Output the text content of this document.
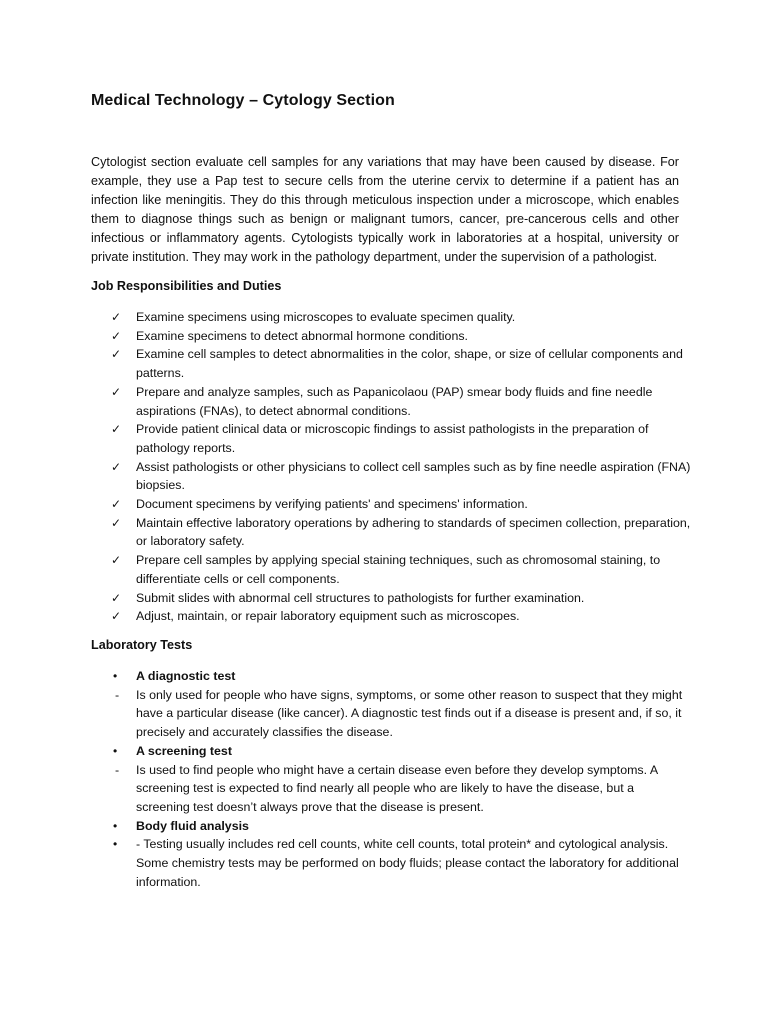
Medical Technology – Cytology Section

Cytologist section evaluate cell samples for any variations that may have been caused by disease. For example, they use a Pap test to secure cells from the uterine cervix to determine if a patient has an infection like meningitis. They do this through meticulous inspection under a microscope, which enables them to diagnose things such as benign or malignant tumors, cancer, pre-cancerous cells and other infectious or inflammatory agents. Cytologists typically work in laboratories at a hospital, university or private institution. They may work in the pathology department, under the supervision of a pathologist.

Job Responsibilities and Duties
✓ Examine specimens using microscopes to evaluate specimen quality.
✓ Examine specimens to detect abnormal hormone conditions.
✓ Examine cell samples to detect abnormalities in the color, shape, or size of cellular components and patterns.
✓ Prepare and analyze samples, such as Papanicolaou (PAP) smear body fluids and fine needle aspirations (FNAs), to detect abnormal conditions.
✓ Provide patient clinical data or microscopic findings to assist pathologists in the preparation of pathology reports.
✓ Assist pathologists or other physicians to collect cell samples such as by fine needle aspiration (FNA) biopsies.
✓ Document specimens by verifying patients' and specimens' information.
✓ Maintain effective laboratory operations by adhering to standards of specimen collection, preparation, or laboratory safety.
✓ Prepare cell samples by applying special staining techniques, such as chromosomal staining, to differentiate cells or cell components.
✓ Submit slides with abnormal cell structures to pathologists for further examination.
✓ Adjust, maintain, or repair laboratory equipment such as microscopes.
Laboratory Tests
• A diagnostic test
- Is only used for people who have signs, symptoms, or some other reason to suspect that they might have a particular disease (like cancer). A diagnostic test finds out if a disease is present and, if so, it precisely and accurately classifies the disease.
• A screening test
- Is used to find people who might have a certain disease even before they develop symptoms. A screening test is expected to find nearly all people who are likely to have the disease, but a screening test doesn’t always prove that the disease is present.
• Body fluid analysis
• - Testing usually includes red cell counts, white cell counts, total protein* and cytological analysis. Some chemistry tests may be performed on body fluids; please contact the laboratory for additional information.
